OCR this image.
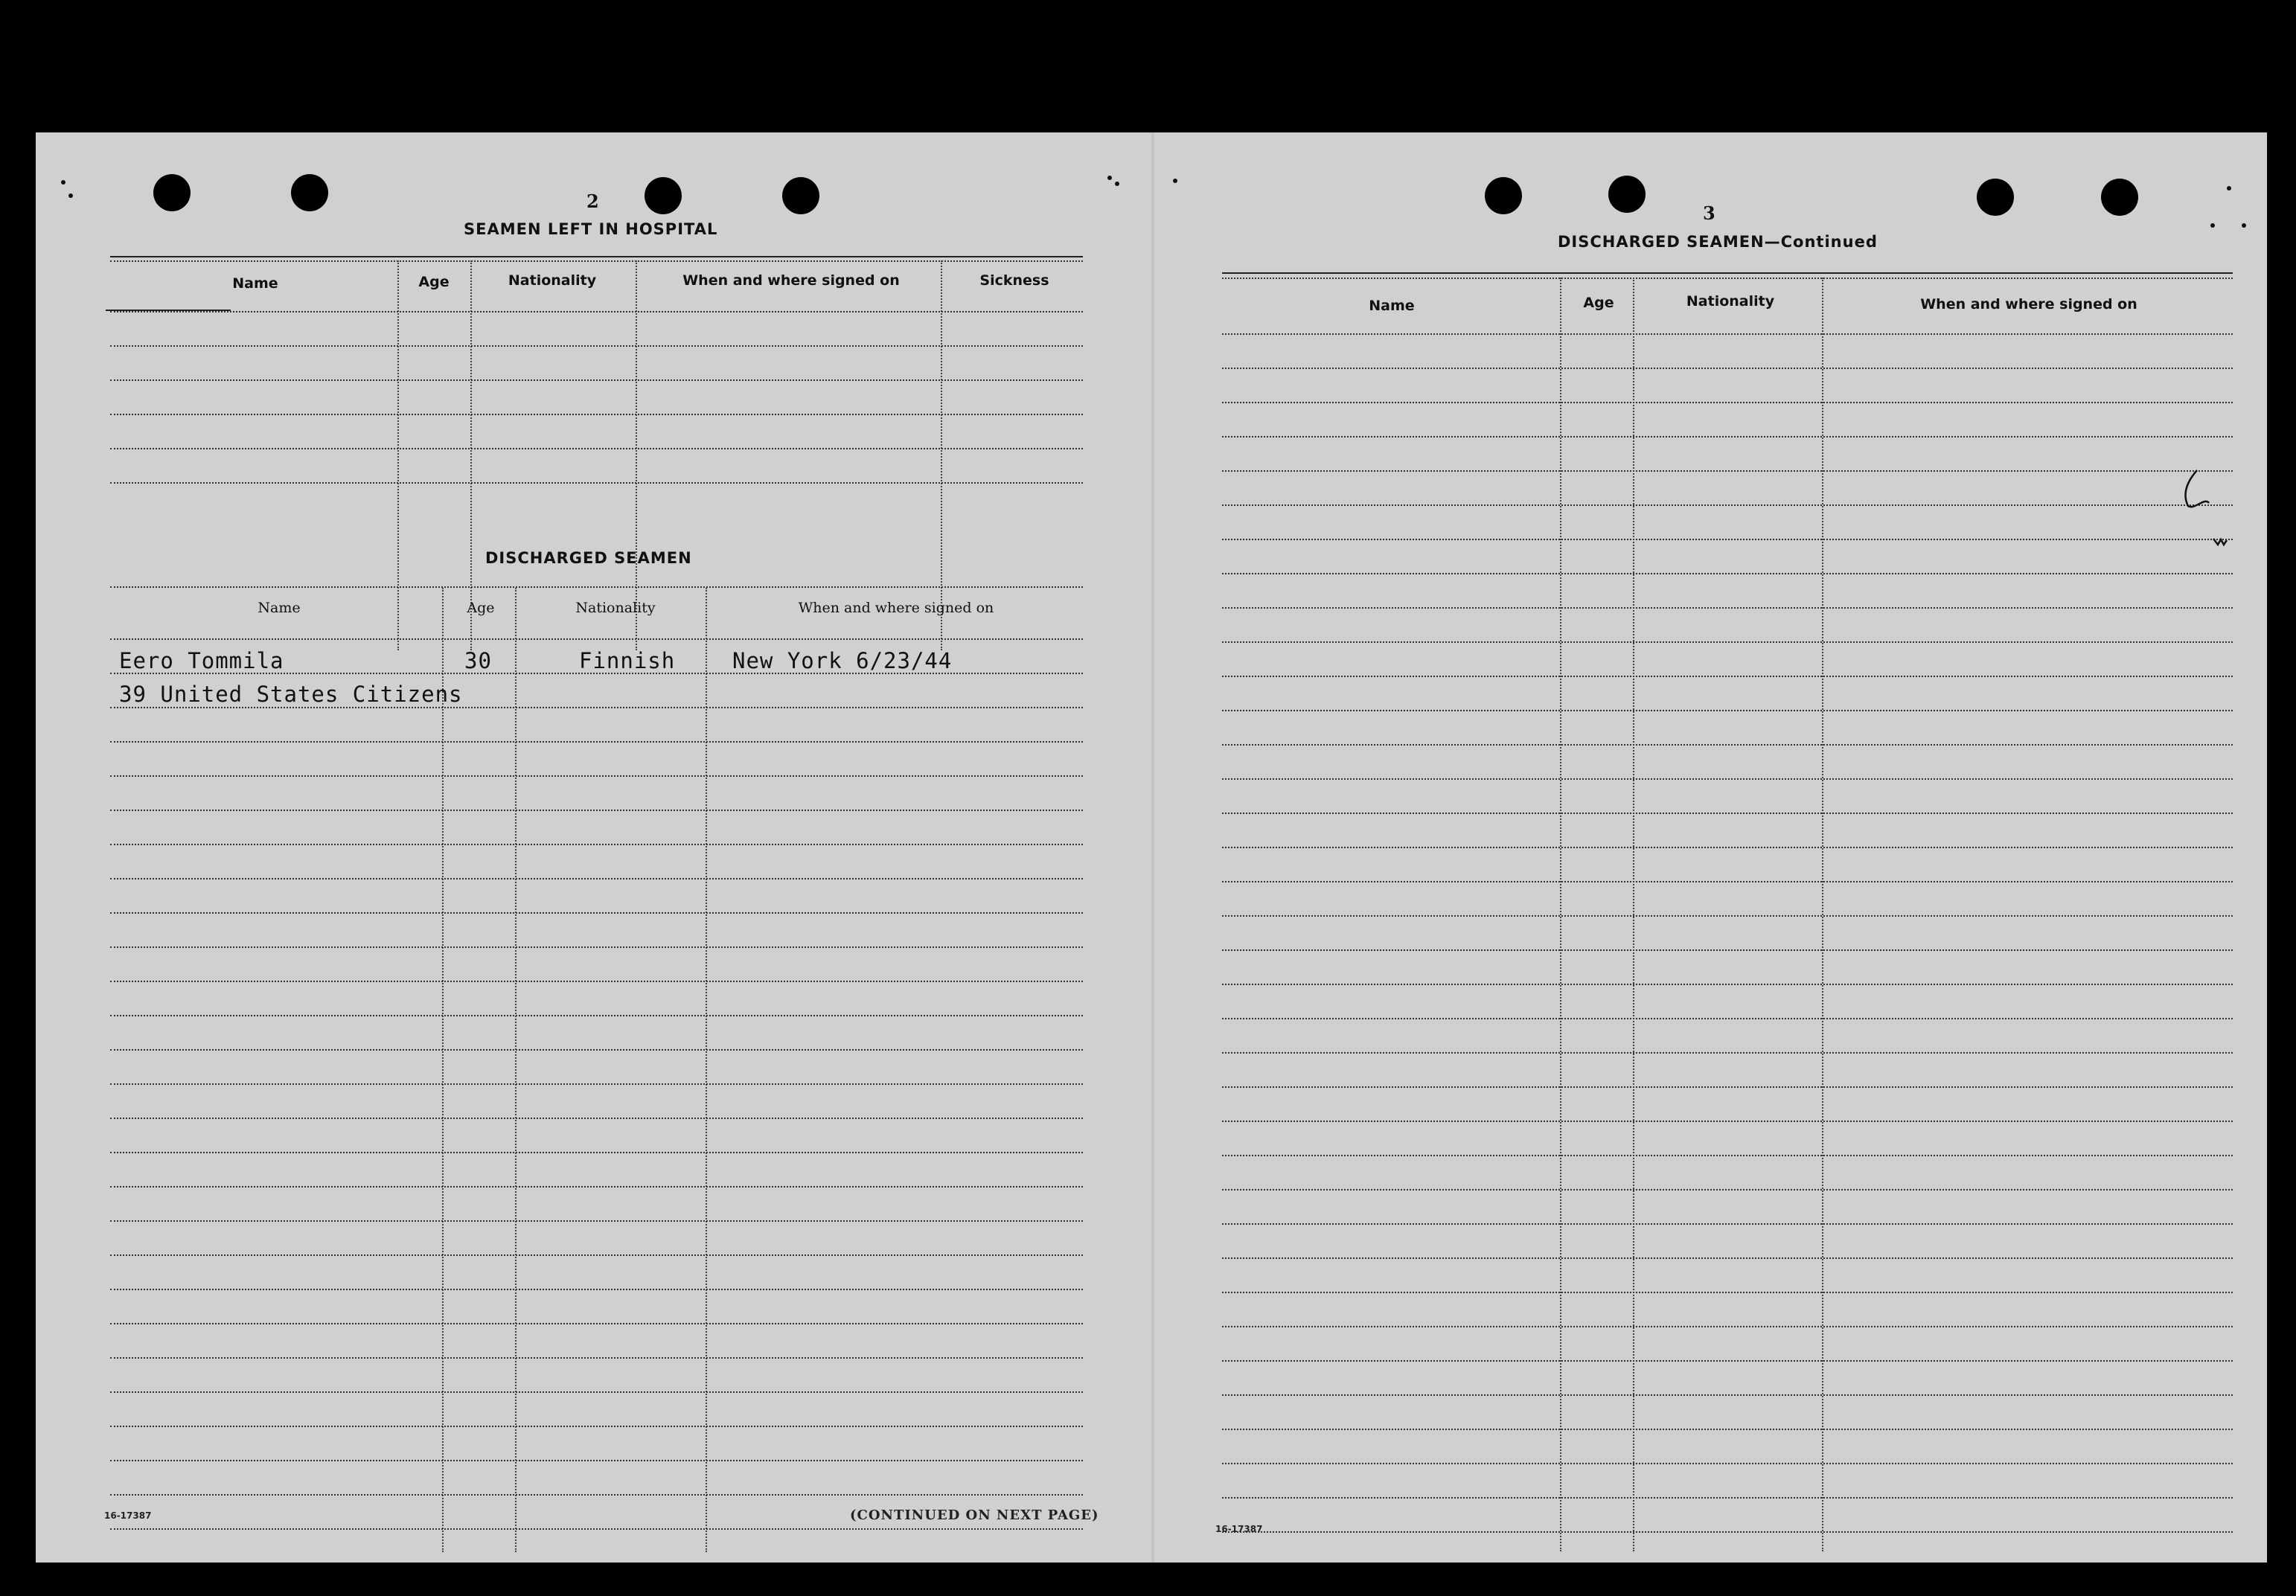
2
SEAMEN LEFT IN HOSPITAL
Name	Age	Nationality	When and where signed on	Sickness
DISCHARGED SEAMEN
Name	Age	Nationality	When and where signed on
Eero Tommila	30	Finnish	New York 6/23/44
39 United States Citizens
16-17387	(CONTINUED ON NEXT PAGE)
3
DISCHARGED SEAMEN—Continued
Name	Age	Nationality	When and where signed on
16-17387
